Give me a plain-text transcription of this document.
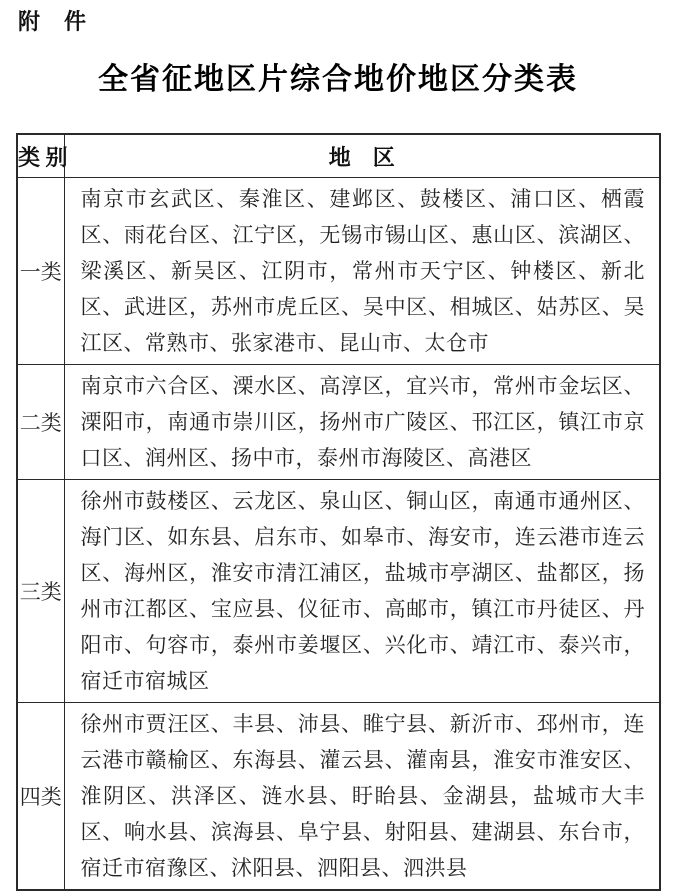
附　件
全省征地区片综合地价地区分类表
类 别	地　区
一类	南京市玄武区、秦淮区、建邺区、鼓楼区、浦口区、栖霞区、雨花台区、江宁区，无锡市锡山区、惠山区、滨湖区、梁溪区、新吴区、江阴市，常州市天宁区、钟楼区、新北区、武进区，苏州市虎丘区、吴中区、相城区、姑苏区、吴江区、常熟市、张家港市、昆山市、太仓市
二类	南京市六合区、溧水区、高淳区，宜兴市，常州市金坛区、溧阳市，南通市崇川区，扬州市广陵区、邗江区，镇江市京口区、润州区、扬中市，泰州市海陵区、高港区
三类	徐州市鼓楼区、云龙区、泉山区、铜山区，南通市通州区、海门区、如东县、启东市、如皋市、海安市，连云港市连云区、海州区，淮安市清江浦区，盐城市亭湖区、盐都区，扬州市江都区、宝应县、仪征市、高邮市，镇江市丹徒区、丹阳市、句容市，泰州市姜堰区、兴化市、靖江市、泰兴市，宿迁市宿城区
四类	徐州市贾汪区、丰县、沛县、睢宁县、新沂市、邳州市，连云港市赣榆区、东海县、灌云县、灌南县，淮安市淮安区、淮阴区、洪泽区、涟水县、盱眙县、金湖县，盐城市大丰区、响水县、滨海县、阜宁县、射阳县、建湖县、东台市，宿迁市宿豫区、沭阳县、泗阳县、泗洪县
